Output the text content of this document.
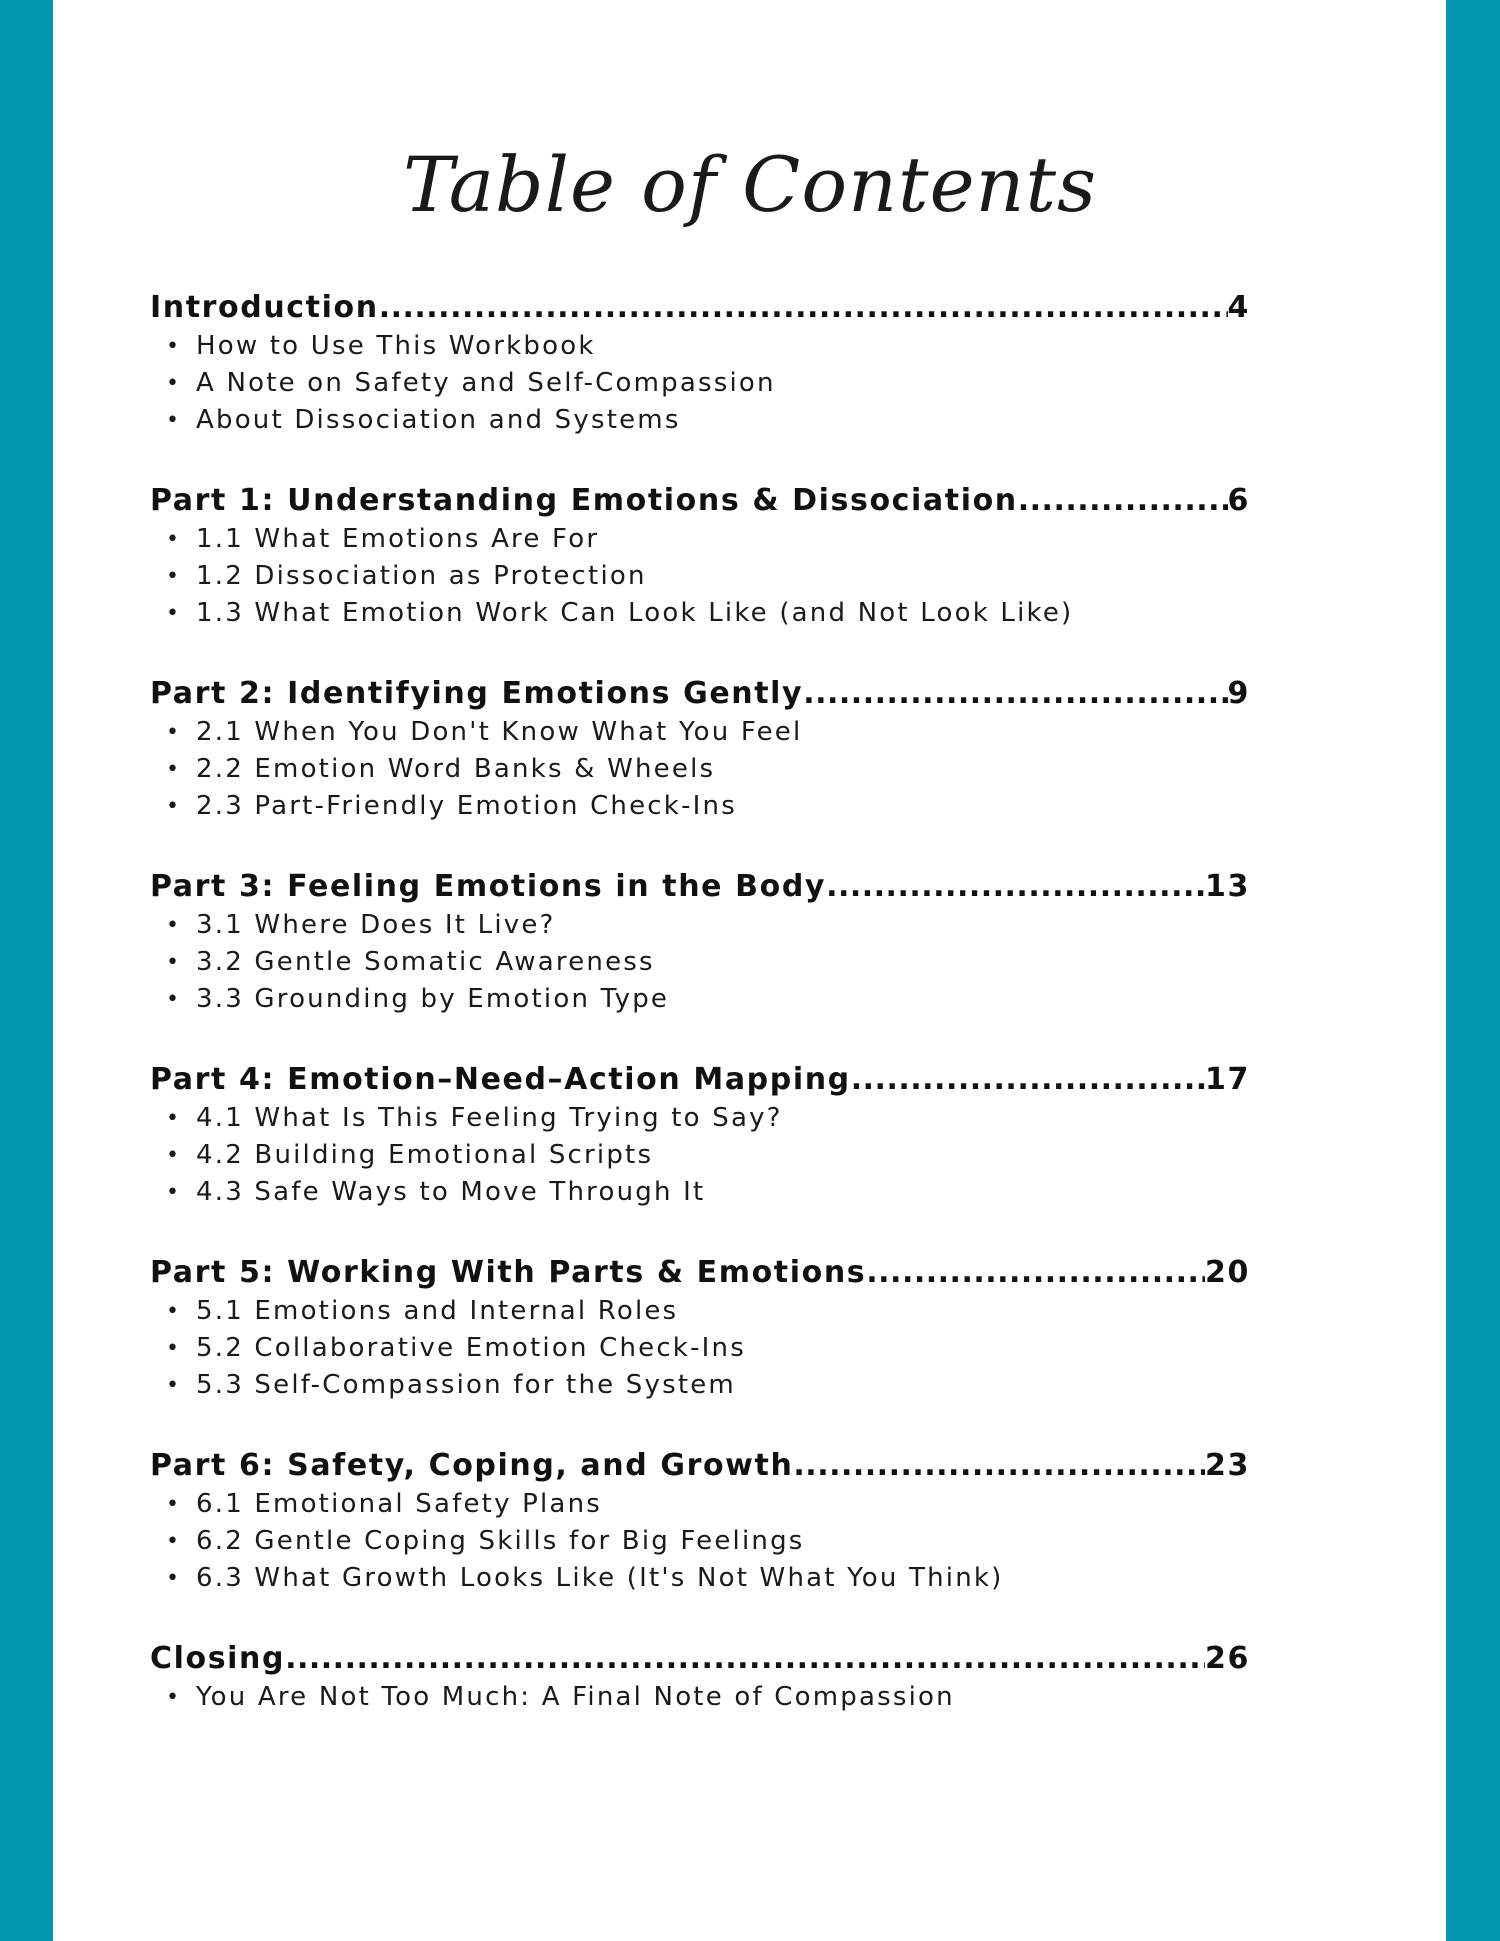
Table of Contents
Introduction .....	4
• How to Use This Workbook
• A Note on Safety and Self-Compassion
• About Dissociation and Systems
Part 1: Understanding Emotions & Dissociation .....	6
• 1.1 What Emotions Are For
• 1.2 Dissociation as Protection
• 1.3 What Emotion Work Can Look Like (and Not Look Like)
Part 2: Identifying Emotions Gently .....	9
• 2.1 When You Don't Know What You Feel
• 2.2 Emotion Word Banks & Wheels
• 2.3 Part-Friendly Emotion Check-Ins
Part 3: Feeling Emotions in the Body .....	13
• 3.1 Where Does It Live?
• 3.2 Gentle Somatic Awareness
• 3.3 Grounding by Emotion Type
Part 4: Emotion–Need–Action Mapping .....	17
• 4.1 What Is This Feeling Trying to Say?
• 4.2 Building Emotional Scripts
• 4.3 Safe Ways to Move Through It
Part 5: Working With Parts & Emotions .....	20
• 5.1 Emotions and Internal Roles
• 5.2 Collaborative Emotion Check-Ins
• 5.3 Self-Compassion for the System
Part 6: Safety, Coping, and Growth .....	23
• 6.1 Emotional Safety Plans
• 6.2 Gentle Coping Skills for Big Feelings
• 6.3 What Growth Looks Like (It's Not What You Think)
Closing .....	26
• You Are Not Too Much: A Final Note of Compassion
